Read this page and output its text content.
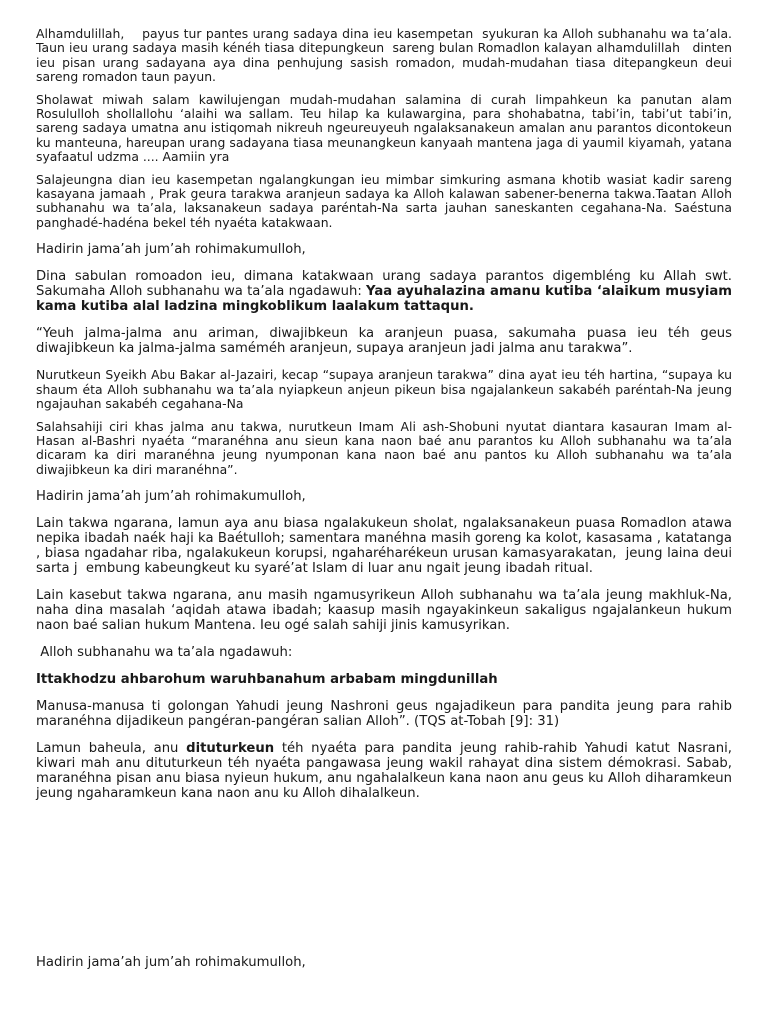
Alhamdulillah,    payus tur pantes urang sadaya dina ieu kasempetan  syukuran ka Alloh subhanahu wa ta’ala. Taun ieu urang sadaya masih kénéh tiasa ditepungkeun  sareng bulan Romadlon kalayan alhamdulillah   dinten ieu pisan urang sadayana aya dina penhujung sasish romadon, mudah-mudahan tiasa ditepangkeun deui sareng romadon taun payun.

Sholawat miwah salam kawilujengan mudah-mudahan salamina di curah limpahkeun ka panutan alam Rosulullоh shollallohu ‘alaihi wa sallam. Teu hilap ka kulawargina, para shohabatna, tabi’in, tabi’ut tabi’in, sareng sadaya umatna anu istiqomah nikreuh ngeureuyeuh ngalaksanakeun amalan anu parantos dicontokeun ku manteuna, hareupan urang sadayana tiasa meunangkeun kanyaah mantena jaga di yaumil kiyamah, yatana syafaatul udzma .... Aamiin yra

Salajeungna dian ieu kasempetan ngalangkungan ieu mimbar simkuring asmana khotib wasiat kadir sareng kasayana jamaah , Prak geura tarakwa aranjeun sadaya ka Alloh kalawan sabener-benerna takwa.Taatan Alloh subhanahu wa ta’ala, laksanakeun sadaya paréntah-Na sarta jauhan saneskanten cegahana-Na. Saéstuna panghadé-hadéna bekel téh nyaéta katakwaan.

Hadirin jama’ah jum’ah rohimakumulloh,

Dina sabulan romoadon ieu, dimana katakwaan urang sadaya parantos digembléng ku Allah swt. Sakumaha Alloh subhanahu wa ta’ala ngadawuh: Yaa ayuhalazina amanu kutiba ‘alaikum musyiam kama kutiba alal ladzina mingkoblikum laalakum tattaqun.

“Yeuh jalma-jalma anu ariman, diwajibkeun ka aranjeun puasa, sakumaha puasa ieu téh geus diwajibkeun ka jalma-jalma saméméh aranjeun, supaya aranjeun jadi jalma anu tarakwa”.

Nurutkeun Syeikh Abu Bakar al-Jazairi, kecap “supaya aranjeun tarakwa” dina ayat ieu téh hartina, “supaya ku shaum éta Alloh subhanahu wa ta’ala nyiapkeun anjeun pikeun bisa ngajalankeun sakabéh paréntah-Na jeung ngajauhan sakabéh cegahana-Na

Salahsahiji ciri khas jalma anu takwa, nurutkeun Imam Ali ash-Shobuni nyutat diantara kasauran Imam al-Hasan al-Bashri nyaéta “maranéhna anu sieun kana naon baé anu parantos ku Alloh subhanahu wa ta’ala dicaram ka diri maranéhna jeung nyumponan kana naon baé anu pantos ku Alloh subhanahu wa ta’ala diwajibkeun ka diri maranéhna”.

Hadirin jama’ah jum’ah rohimakumulloh,

Lain takwa ngarana, lamun aya anu biasa ngalakukeun sholat, ngalaksanakeun puasa Romadlon atawa nepika ibadah naék haji ka Baétulloh; samentara manéhna masih goreng ka kolot, kasasama , katatanga , biasa ngadahar riba, ngalakukeun korupsi, ngaharéharékeun urusan kamasyarakatan,  jeung laina deui  sarta j  embung kabeungkeut ku syaré’at Islam di luar anu ngait jeung ibadah ritual.

Lain kasebut takwa ngarana, anu masih ngamusyrikeun Alloh subhanahu wa ta’ala jeung makhluk-Na, naha dina masalah ‘aqidah atawa ibadah; kaasup masih ngayakinkeun sakaligus ngajalankeun hukum naon baé salian hukum Mantena. Ieu ogé salah sahiji jinis kamusyrikan.

Alloh subhanahu wa ta’ala ngadawuh:

Ittakhodzu ahbarohum waruhbanahum arbabam mingdunillah

Manusa-manusa ti golongan Yahudi jeung Nashroni geus ngajadikeun para pandita jeung para rahib maranéhna dijadikeun pangéran-pangéran salian Alloh”. (TQS at-Tobah [9]: 31)

Lamun baheula, anu dituturkeun téh nyaéta para pandita jeung rahib-rahib Yahudi katut Nasrani, kiwari mah anu dituturkeun téh nyaéta pangawasa jeung wakil rahayat dina sistem démokrasi. Sabab, maranéhna pisan anu biasa nyieun hukum, anu ngahalalkeun kana naon anu geus ku Alloh diharamkeun jeung ngaharamkeun kana naon anu ku Alloh dihalalkeun.

Hadirin jama’ah jum’ah rohimakumulloh,
